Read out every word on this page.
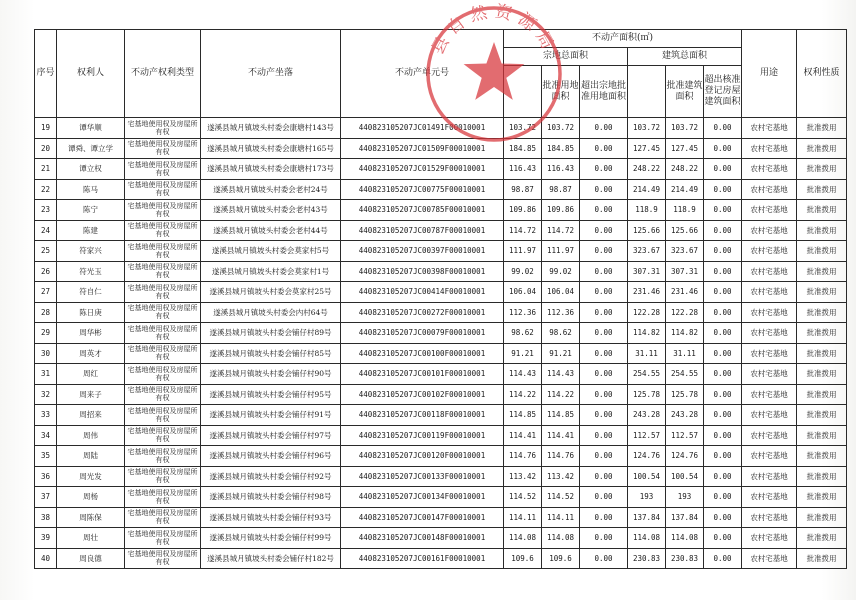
序号	权利人	不动产权利类型	不动产坐落	不动产单元号	不动产面积(㎡)						用途	权利性质
					宗地总面积			建筑总面积				
						批准用地面积	超出宗地批准用地面积		批准建筑面积	超出核准登记房屋建筑面积		
19	谭华顺	宅基地使用权及房屋所有权	遂溪县城月镇坡头村委会康塘村143号	440823105207JC01491F00010001	103.72	103.72	0.00	103.72	103.72	0.00	农村宅基地	批准拨用
20	谭舜、谭立学	宅基地使用权及房屋所有权	遂溪县城月镇坡头村委会康塘村165号	440823105207JC01509F00010001	184.85	184.85	0.00	127.45	127.45	0.00	农村宅基地	批准拨用
21	谭立权	宅基地使用权及房屋所有权	遂溪县城月镇坡头村委会康塘村173号	440823105207JC01529F00010001	116.43	116.43	0.00	248.22	248.22	0.00	农村宅基地	批准拨用
22	陈马	宅基地使用权及房屋所有权	遂溪县城月镇坡头村委会老村24号	440823105207JC00775F00010001	98.87	98.87	0.00	214.49	214.49	0.00	农村宅基地	批准拨用
23	陈宁	宅基地使用权及房屋所有权	遂溪县城月镇坡头村委会老村43号	440823105207JC00785F00010001	109.86	109.86	0.00	118.9	118.9	0.00	农村宅基地	批准拨用
24	陈建	宅基地使用权及房屋所有权	遂溪县城月镇坡头村委会老村44号	440823105207JC00787F00010001	114.72	114.72	0.00	125.66	125.66	0.00	农村宅基地	批准拨用
25	符家兴	宅基地使用权及房屋所有权	遂溪县城月镇坡头村委会莫家村5号	440823105207JC00397F00010001	111.97	111.97	0.00	323.67	323.67	0.00	农村宅基地	批准拨用
26	符光玉	宅基地使用权及房屋所有权	遂溪县城月镇坡头村委会莫家村1号	440823105207JC00398F00010001	99.02	99.02	0.00	307.31	307.31	0.00	农村宅基地	批准拨用
27	符自仁	宅基地使用权及房屋所有权	遂溪县城月镇坡头村委会莫家村25号	440823105207JC00414F00010001	106.04	106.04	0.00	231.46	231.46	0.00	农村宅基地	批准拨用
28	陈日庚	宅基地使用权及房屋所有权	遂溪县城月镇坡头村委会内村64号	440823105207JC00272F00010001	112.36	112.36	0.00	122.28	122.28	0.00	农村宅基地	批准拨用
29	周华彬	宅基地使用权及房屋所有权	遂溪县城月镇坡头村委会铺仔村89号	440823105207JC00079F00010001	98.62	98.62	0.00	114.82	114.82	0.00	农村宅基地	批准拨用
30	周英才	宅基地使用权及房屋所有权	遂溪县城月镇坡头村委会铺仔村85号	440823105207JC00100F00010001	91.21	91.21	0.00	31.11	31.11	0.00	农村宅基地	批准拨用
31	周红	宅基地使用权及房屋所有权	遂溪县城月镇坡头村委会铺仔村90号	440823105207JC00101F00010001	114.43	114.43	0.00	254.55	254.55	0.00	农村宅基地	批准拨用
32	周来子	宅基地使用权及房屋所有权	遂溪县城月镇坡头村委会铺仔村95号	440823105207JC00102F00010001	114.22	114.22	0.00	125.78	125.78	0.00	农村宅基地	批准拨用
33	周招来	宅基地使用权及房屋所有权	遂溪县城月镇坡头村委会铺仔村91号	440823105207JC00118F00010001	114.85	114.85	0.00	243.28	243.28	0.00	农村宅基地	批准拨用
34	周伟	宅基地使用权及房屋所有权	遂溪县城月镇坡头村委会铺仔村97号	440823105207JC00119F00010001	114.41	114.41	0.00	112.57	112.57	0.00	农村宅基地	批准拨用
35	周陆	宅基地使用权及房屋所有权	遂溪县城月镇坡头村委会铺仔村96号	440823105207JC00120F00010001	114.76	114.76	0.00	124.76	124.76	0.00	农村宅基地	批准拨用
36	周光发	宅基地使用权及房屋所有权	遂溪县城月镇坡头村委会铺仔村92号	440823105207JC00133F00010001	113.42	113.42	0.00	100.54	100.54	0.00	农村宅基地	批准拨用
37	周杨	宅基地使用权及房屋所有权	遂溪县城月镇坡头村委会铺仔村98号	440823105207JC00134F00010001	114.52	114.52	0.00	193	193	0.00	农村宅基地	批准拨用
38	周陈保	宅基地使用权及房屋所有权	遂溪县城月镇坡头村委会铺仔村93号	440823105207JC00147F00010001	114.11	114.11	0.00	137.84	137.84	0.00	农村宅基地	批准拨用
39	周壮	宅基地使用权及房屋所有权	遂溪县城月镇坡头村委会铺仔村99号	440823105207JC00148F00010001	114.08	114.08	0.00	114.08	114.08	0.00	农村宅基地	批准拨用
40	周良德	宅基地使用权及房屋所有权	遂溪县城月镇坡头村委会铺仔村182号	440823105207JC00161F00010001	109.6	109.6	0.00	230.83	230.83	0.00	农村宅基地	批准拨用
县自然资源局
